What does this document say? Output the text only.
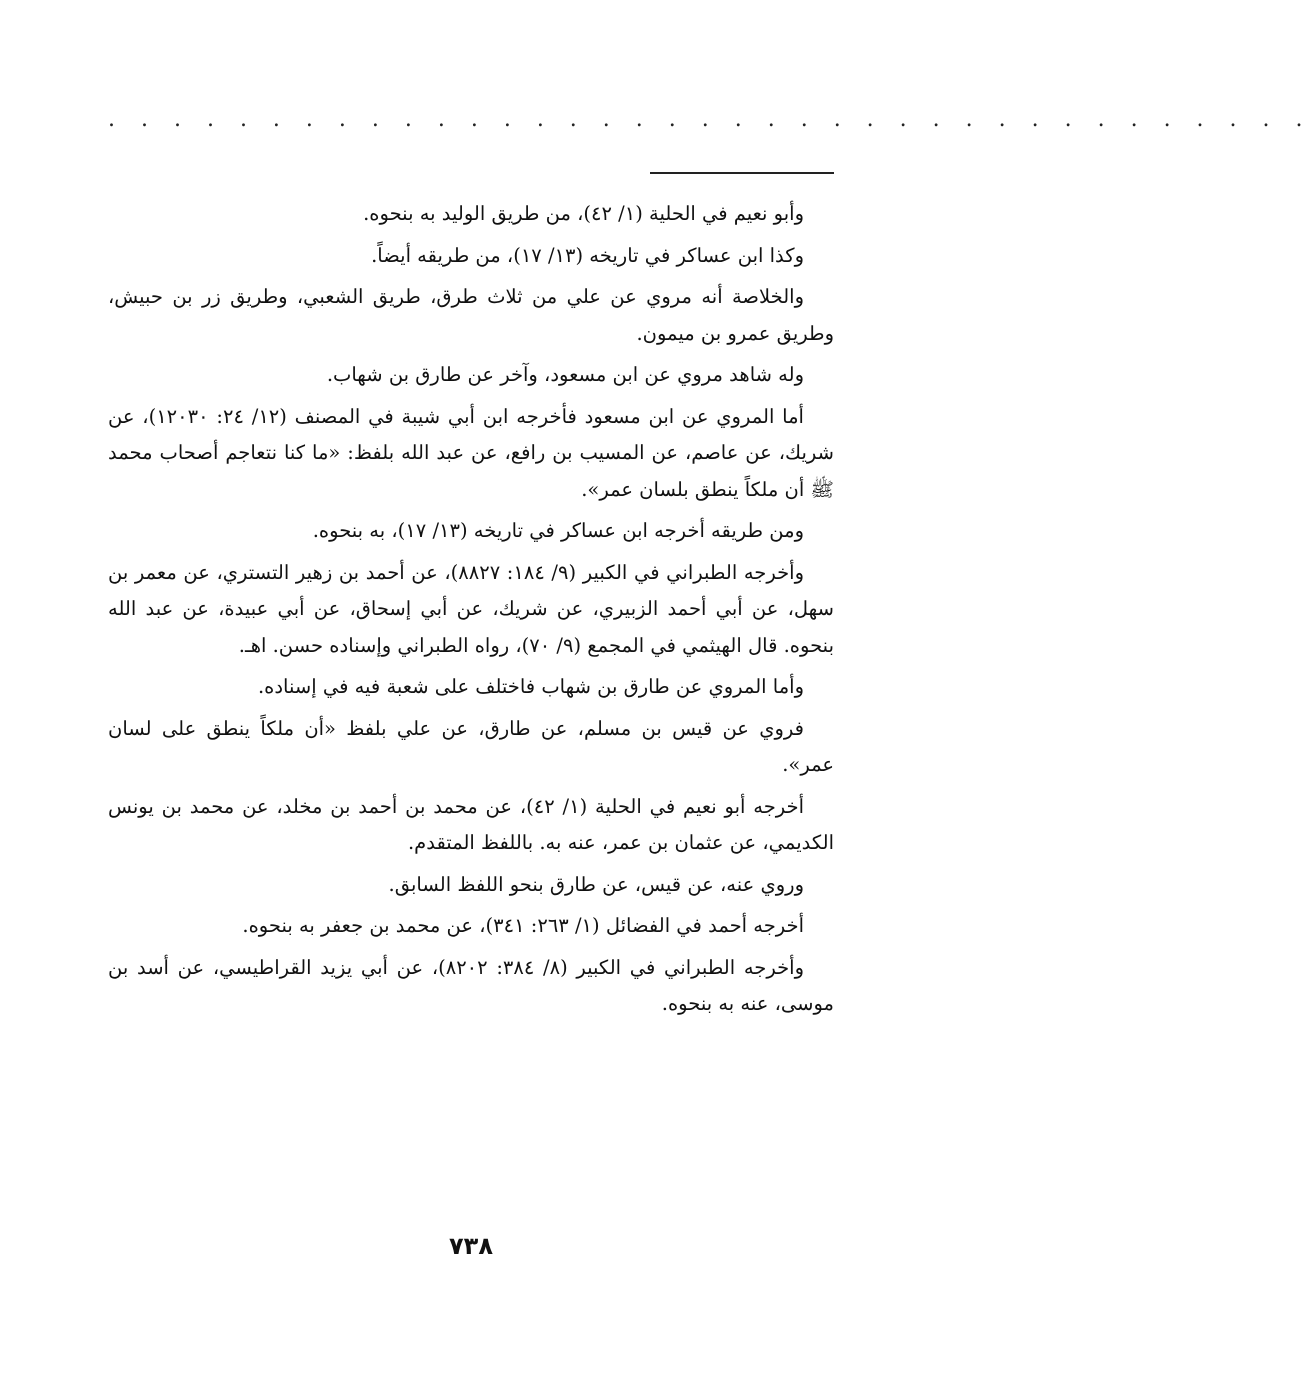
. . . . . . . . . . . . . . . . . . . . . . . . . . . . . . . . . . . . .

وأبو نعيم في الحلية (١/ ٤٢)، من طريق الوليد به بنحوه.

وكذا ابن عساكر في تاريخه (١٣/ ١٧)، من طريقه أيضاً.

والخلاصة أنه مروي عن علي من ثلاث طرق، طريق الشعبي، وطريق زر بن حبيش، وطريق عمرو بن ميمون.

وله شاهد مروي عن ابن مسعود، وآخر عن طارق بن شهاب.

أما المروي عن ابن مسعود فأخرجه ابن أبي شيبة في المصنف (١٢/ ٢٤: ١٢٠٣٠)، عن شريك، عن عاصم، عن المسيب بن رافع، عن عبد الله بلفظ: «ما كنا نتعاجم أصحاب محمد ﷺ أن ملكاً ينطق بلسان عمر».

ومن طريقه أخرجه ابن عساكر في تاريخه (١٣/ ١٧)، به بنحوه.

وأخرجه الطبراني في الكبير (٩/ ١٨٤: ٨٨٢٧)، عن أحمد بن زهير التستري، عن معمر بن سهل، عن أبي أحمد الزبيري، عن شريك، عن أبي إسحاق، عن أبي عبيدة، عن عبد الله بنحوه. قال الهيثمي في المجمع (٩/ ٧٠)، رواه الطبراني وإسناده حسن. اهـ.

وأما المروي عن طارق بن شهاب فاختلف على شعبة فيه في إسناده.

فروي عن قيس بن مسلم، عن طارق، عن علي بلفظ «أن ملكاً ينطق على لسان عمر».

أخرجه أبو نعيم في الحلية (١/ ٤٢)، عن محمد بن أحمد بن مخلد، عن محمد بن يونس الكديمي، عن عثمان بن عمر، عنه به. باللفظ المتقدم.

وروي عنه، عن قيس، عن طارق بنحو اللفظ السابق.

أخرجه أحمد في الفضائل (١/ ٢٦٣: ٣٤١)، عن محمد بن جعفر به بنحوه.

وأخرجه الطبراني في الكبير (٨/ ٣٨٤: ٨٢٠٢)، عن أبي يزيد القراطيسي، عن أسد بن موسى، عنه به بنحوه.

٧٣٨
